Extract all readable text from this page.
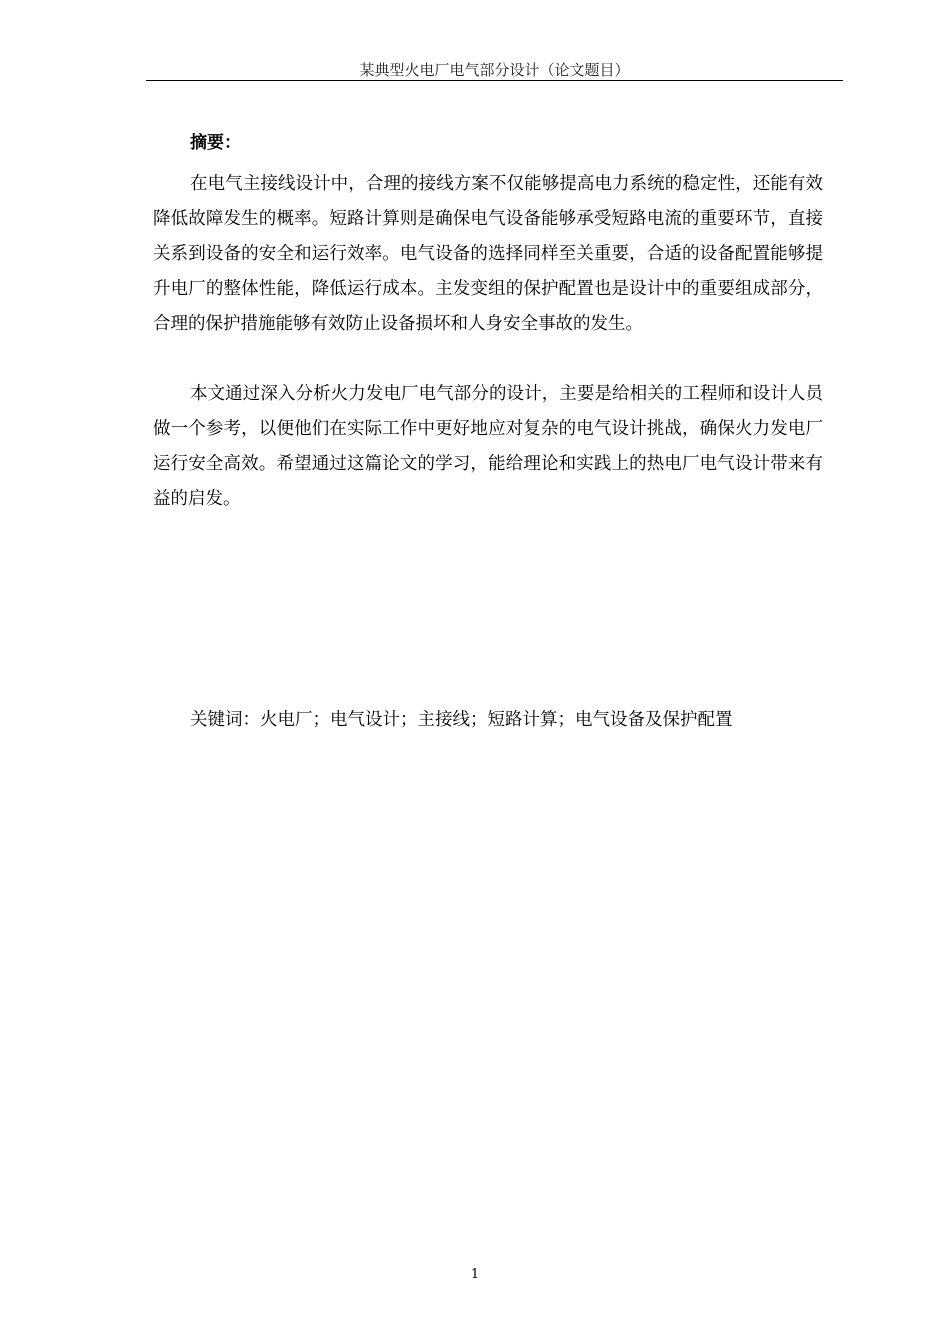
某典型火电厂电气部分设计（论文题目）
摘要：

在电气主接线设计中，合理的接线方案不仅能够提高电力系统的稳定性，还能有效降低故障发生的概率。短路计算则是确保电气设备能够承受短路电流的重要环节，直接关系到设备的安全和运行效率。电气设备的选择同样至关重要，合适的设备配置能够提升电厂的整体性能，降低运行成本。主发变组的保护配置也是设计中的重要组成部分，合理的保护措施能够有效防止设备损坏和人身安全事故的发生。

本文通过深入分析火力发电厂电气部分的设计，主要是给相关的工程师和设计人员做一个参考，以便他们在实际工作中更好地应对复杂的电气设计挑战，确保火力发电厂运行安全高效。希望通过这篇论文的学习，能给理论和实践上的热电厂电气设计带来有益的启发。

关键词：火电厂；电气设计；主接线；短路计算；电气设备及保护配置
1
